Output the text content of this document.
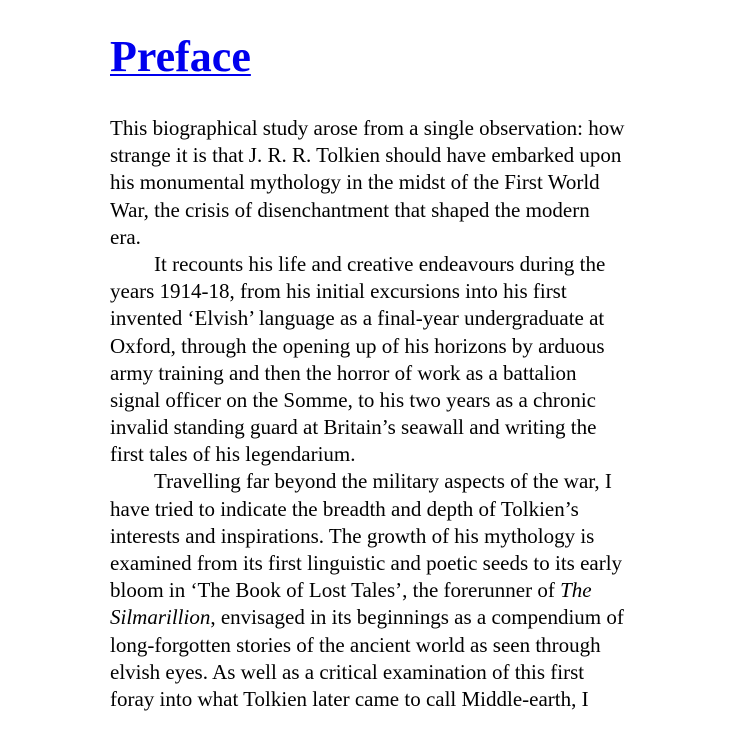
Preface
This biographical study arose from a single observation: how
strange it is that J. R. R. Tolkien should have embarked upon
his monumental mythology in the midst of the First World
War, the crisis of disenchantment that shaped the modern
era.
It recounts his life and creative endeavours during the
years 1914-18, from his initial excursions into his first
invented ‘Elvish’ language as a final-year undergraduate at
Oxford, through the opening up of his horizons by arduous
army training and then the horror of work as a battalion
signal officer on the Somme, to his two years as a chronic
invalid standing guard at Britain’s seawall and writing the
first tales of his legendarium.
Travelling far beyond the military aspects of the war, I
have tried to indicate the breadth and depth of Tolkien’s
interests and inspirations. The growth of his mythology is
examined from its first linguistic and poetic seeds to its early
bloom in ‘The Book of Lost Tales’, the forerunner of The
Silmarillion, envisaged in its beginnings as a compendium of
long-forgotten stories of the ancient world as seen through
elvish eyes. As well as a critical examination of this first
foray into what Tolkien later came to call Middle-earth, I
